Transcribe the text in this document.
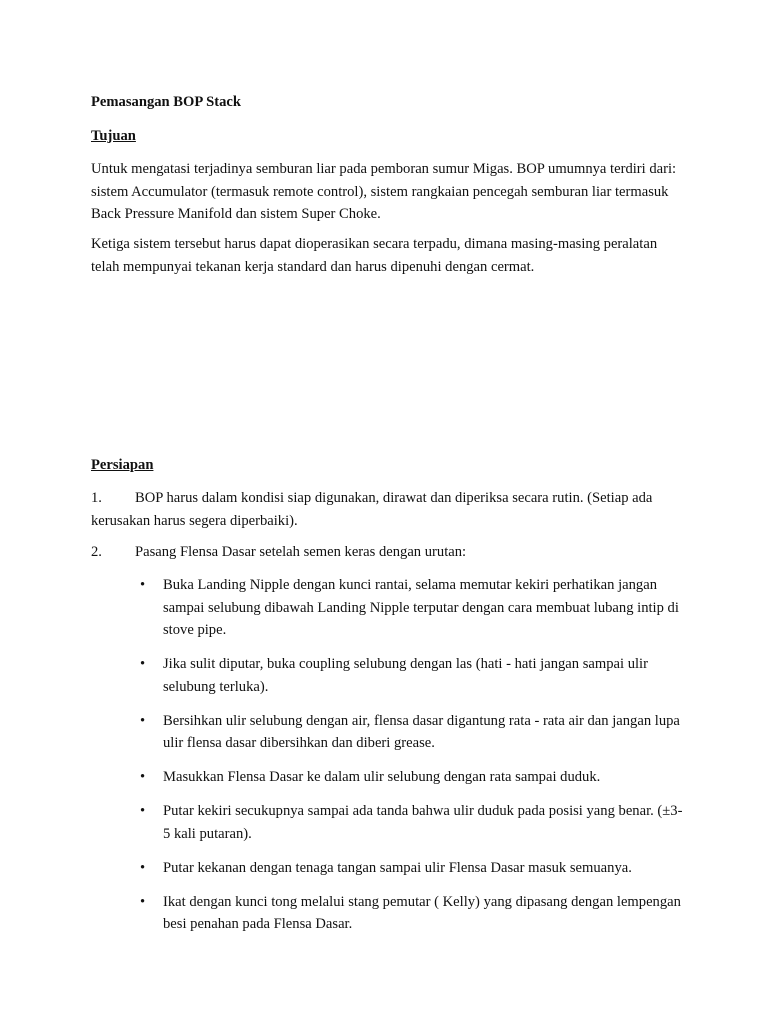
Pemasangan BOP Stack
Tujuan

Untuk mengatasi terjadinya semburan liar pada pemboran sumur Migas. BOP umumnya terdiri dari: sistem Accumulator (termasuk remote control), sistem rangkaian pencegah semburan liar termasuk Back Pressure Manifold dan sistem Super Choke.

Ketiga sistem tersebut harus dapat dioperasikan secara terpadu, dimana masing-masing peralatan telah mempunyai tekanan kerja standard dan harus dipenuhi dengan cermat.

Persiapan

1. BOP harus dalam kondisi siap digunakan, dirawat dan diperiksa secara rutin. (Setiap ada kerusakan harus segera diperbaiki).

2. Pasang Flensa Dasar setelah semen keras dengan urutan:

• Buka Landing Nipple dengan kunci rantai, selama memutar kekiri perhatikan jangan sampai selubung dibawah Landing Nipple terputar dengan cara membuat lubang intip di stove pipe.
• Jika sulit diputar, buka coupling selubung dengan las (hati - hati jangan sampai ulir selubung terluka).
• Bersihkan ulir selubung dengan air, flensa dasar digantung rata - rata air dan jangan lupa ulir flensa dasar dibersihkan dan diberi grease.
• Masukkan Flensa Dasar ke dalam ulir selubung dengan rata sampai duduk.
• Putar kekiri secukupnya sampai ada tanda bahwa ulir duduk pada posisi yang benar. (±3-5 kali putaran).
• Putar kekanan dengan tenaga tangan sampai ulir Flensa Dasar masuk semuanya.
• Ikat dengan kunci tong melalui stang pemutar ( Kelly) yang dipasang dengan lempengan besi penahan pada Flensa Dasar.
